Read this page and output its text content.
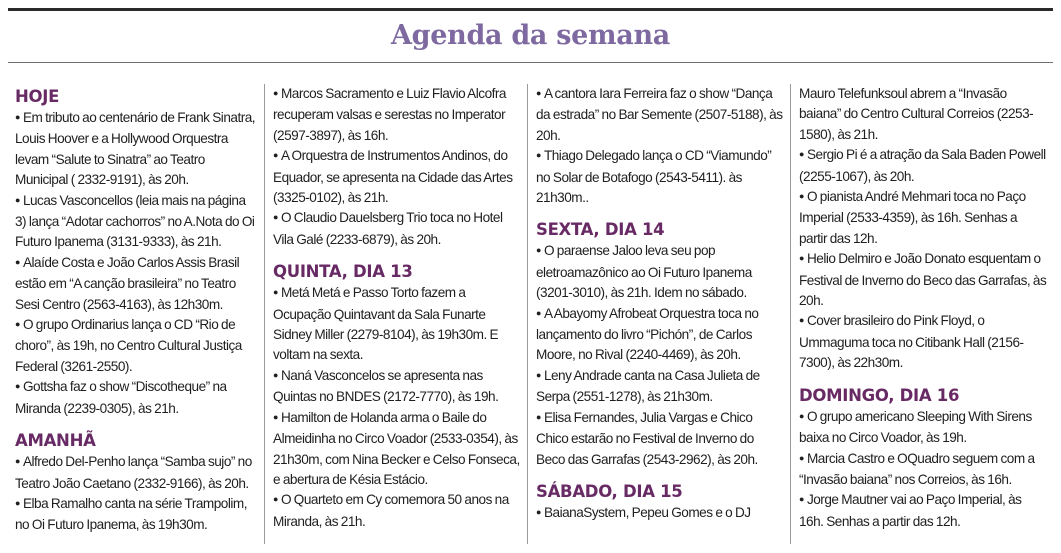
Agenda da semana
HOJE

● Em tributo ao centenário de Frank Sinatra, Louis Hoover e a Hollywood Orquestra levam “Salute to Sinatra” ao Teatro Municipal ( 2332-9191), às 20h.

● Lucas Vasconcellos (leia mais na página 3) lança “Adotar cachorros” no A.Nota do Oi Futuro Ipanema (3131-9333), às 21h.

● Alaíde Costa e João Carlos Assis Brasil estão em “A canção brasileira” no Teatro Sesi Centro (2563-4163), às 12h30m.

● O grupo Ordinarius lança o CD “Rio de choro”, às 19h, no Centro Cultural Justiça Federal (3261-2550).

● Gottsha faz o show “Discotheque” na Miranda (2239-0305), às 21h.

AMANHÃ

● Alfredo Del-Penho lança “Samba sujo” no Teatro João Caetano (2332-9166), às 20h.

● Elba Ramalho canta na série Trampolim, no Oi Futuro Ipanema, às 19h30m.

● Marcos Sacramento e Luiz Flavio Alcofra recuperam valsas e serestas no Imperator (2597-3897), às 16h.

● A Orquestra de Instrumentos Andinos, do Equador, se apresenta na Cidade das Artes (3325-0102), às 21h.

● O Claudio Dauelsberg Trio toca no Hotel Vila Galé (2233-6879), às 20h.

QUINTA, DIA 13

● Metá Metá e Passo Torto fazem a Ocupação Quintavant da Sala Funarte Sidney Miller (2279-8104), às 19h30m. E voltam na sexta.

● Naná Vasconcelos se apresenta nas Quintas no BNDES (2172-7770), às 19h.

● Hamilton de Holanda arma o Baile do Almeidinha no Circo Voador (2533-0354), às 21h30m, com Nina Becker e Celso Fonseca, e abertura de Késia Estácio.

● O Quarteto em Cy comemora 50 anos na Miranda, às 21h.

● A cantora Iara Ferreira faz o show “Dança da estrada” no Bar Semente (2507-5188), às 20h.

● Thiago Delegado lança o CD “Viamundo” no Solar de Botafogo (2543-5411). às 21h30m..

SEXTA, DIA 14

● O paraense Jaloo leva seu pop eletroamazônico ao Oi Futuro Ipanema (3201-3010), às 21h. Idem no sábado.

● A Abayomy Afrobeat Orquestra toca no lançamento do livro “Pichón”, de Carlos Moore, no Rival (2240-4469), às 20h.

● Leny Andrade canta na Casa Julieta de Serpa (2551-1278), às 21h30m.

● Elisa Fernandes, Julia Vargas e Chico Chico estarão no Festival de Inverno do Beco das Garrafas (2543-2962), às 20h.

SÁBADO, DIA 15

● BaianaSystem, Pepeu Gomes e o DJ

Mauro Telefunksoul abrem a “Invasão baiana” do Centro Cultural Correios (2253-1580), às 21h.

● Sergio Pi é a atração da Sala Baden Powell (2255-1067), às 20h.

● O pianista André Mehmari toca no Paço Imperial (2533-4359), às 16h. Senhas a partir das 12h.

● Helio Delmiro e João Donato esquentam o Festival de Inverno do Beco das Garrafas, às 20h.

● Cover brasileiro do Pink Floyd, o Ummaguma toca no Citibank Hall (2156-7300), às 22h30m.

DOMINGO, DIA 16

● O grupo americano Sleeping With Sirens baixa no Circo Voador, às 19h.

● Marcia Castro e OQuadro seguem com a “Invasão baiana” nos Correios, às 16h.

● Jorge Mautner vai ao Paço Imperial, às 16h. Senhas a partir das 12h.
